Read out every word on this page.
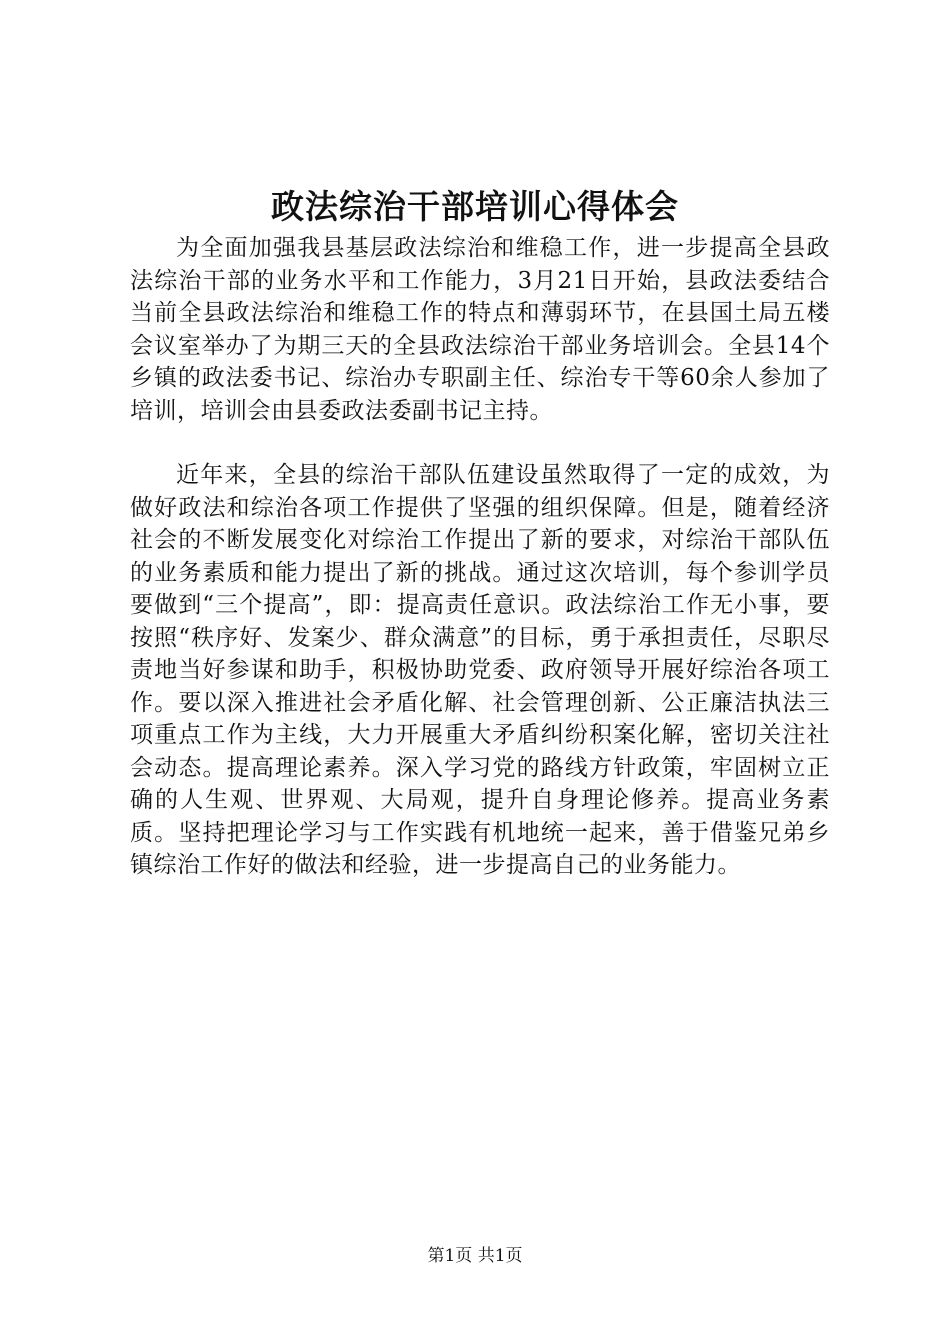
政法综治干部培训心得体会

为全面加强我县基层政法综治和维稳工作，进一步提高全县政法综治干部的业务水平和工作能力，3月21日开始，县政法委结合当前全县政法综治和维稳工作的特点和薄弱环节，在县国土局五楼会议室举办了为期三天的全县政法综治干部业务培训会。全县14个乡镇的政法委书记、综治办专职副主任、综治专干等60余人参加了培训，培训会由县委政法委副书记主持。

近年来，全县的综治干部队伍建设虽然取得了一定的成效，为做好政法和综治各项工作提供了坚强的组织保障。但是，随着经济社会的不断发展变化对综治工作提出了新的要求，对综治干部队伍的业务素质和能力提出了新的挑战。通过这次培训，每个参训学员要做到“三个提高”，即：提高责任意识。政法综治工作无小事，要按照“秩序好、发案少、群众满意”的目标，勇于承担责任，尽职尽责地当好参谋和助手，积极协助党委、政府领导开展好综治各项工作。要以深入推进社会矛盾化解、社会管理创新、公正廉洁执法三项重点工作为主线，大力开展重大矛盾纠纷积案化解，密切关注社会动态。提高理论素养。深入学习党的路线方针政策，牢固树立正确的人生观、世界观、大局观，提升自身理论修养。提高业务素质。坚持把理论学习与工作实践有机地统一起来，善于借鉴兄弟乡镇综治工作好的做法和经验，进一步提高自己的业务能力。

第1页 共1页
